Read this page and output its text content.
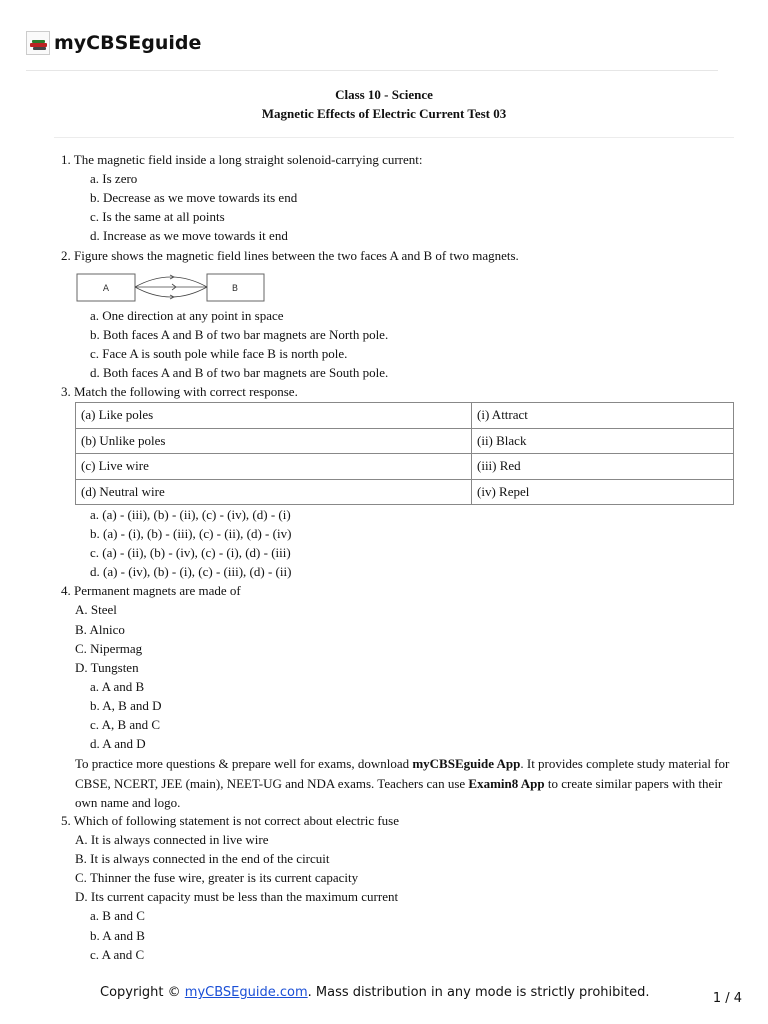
myCBSEguide
Class 10 - Science
Magnetic Effects of Electric Current Test 03
1. The magnetic field inside a long straight solenoid-carrying current:
a. Is zero
b. Decrease as we move towards its end
c. Is the same at all points
d. Increase as we move towards it end
2. Figure shows the magnetic field lines between the two faces A and B of two magnets.
A	B
a. One direction at any point in space
b. Both faces A and B of two bar magnets are North pole.
c. Face A is south pole while face B is north pole.
d. Both faces A and B of two bar magnets are South pole.
3. Match the following with correct response.
(a) Like poles	(i) Attract
(b) Unlike poles	(ii) Black
(c) Live wire	(iii) Red
(d) Neutral wire	(iv) Repel
a. (a) - (iii), (b) - (ii), (c) - (iv), (d) - (i)
b. (a) - (i), (b) - (iii), (c) - (ii), (d) - (iv)
c. (a) - (ii), (b) - (iv), (c) - (i), (d) - (iii)
d. (a) - (iv), (b) - (i), (c) - (iii), (d) - (ii)
4. Permanent magnets are made of
A. Steel
B. Alnico
C. Nipermag
D. Tungsten
a. A and B
b. A, B and D
c. A, B and C
d. A and D
To practice more questions & prepare well for exams, download myCBSEguide App. It provides complete study material for CBSE, NCERT, JEE (main), NEET-UG and NDA exams. Teachers can use Examin8 App to create similar papers with their own name and logo.
5. Which of following statement is not correct about electric fuse
A. It is always connected in live wire
B. It is always connected in the end of the circuit
C. Thinner the fuse wire, greater is its current capacity
D. Its current capacity must be less than the maximum current
a. B and C
b. A and B
c. A and C
Copyright © myCBSEguide.com. Mass distribution in any mode is strictly prohibited.	1 / 4
